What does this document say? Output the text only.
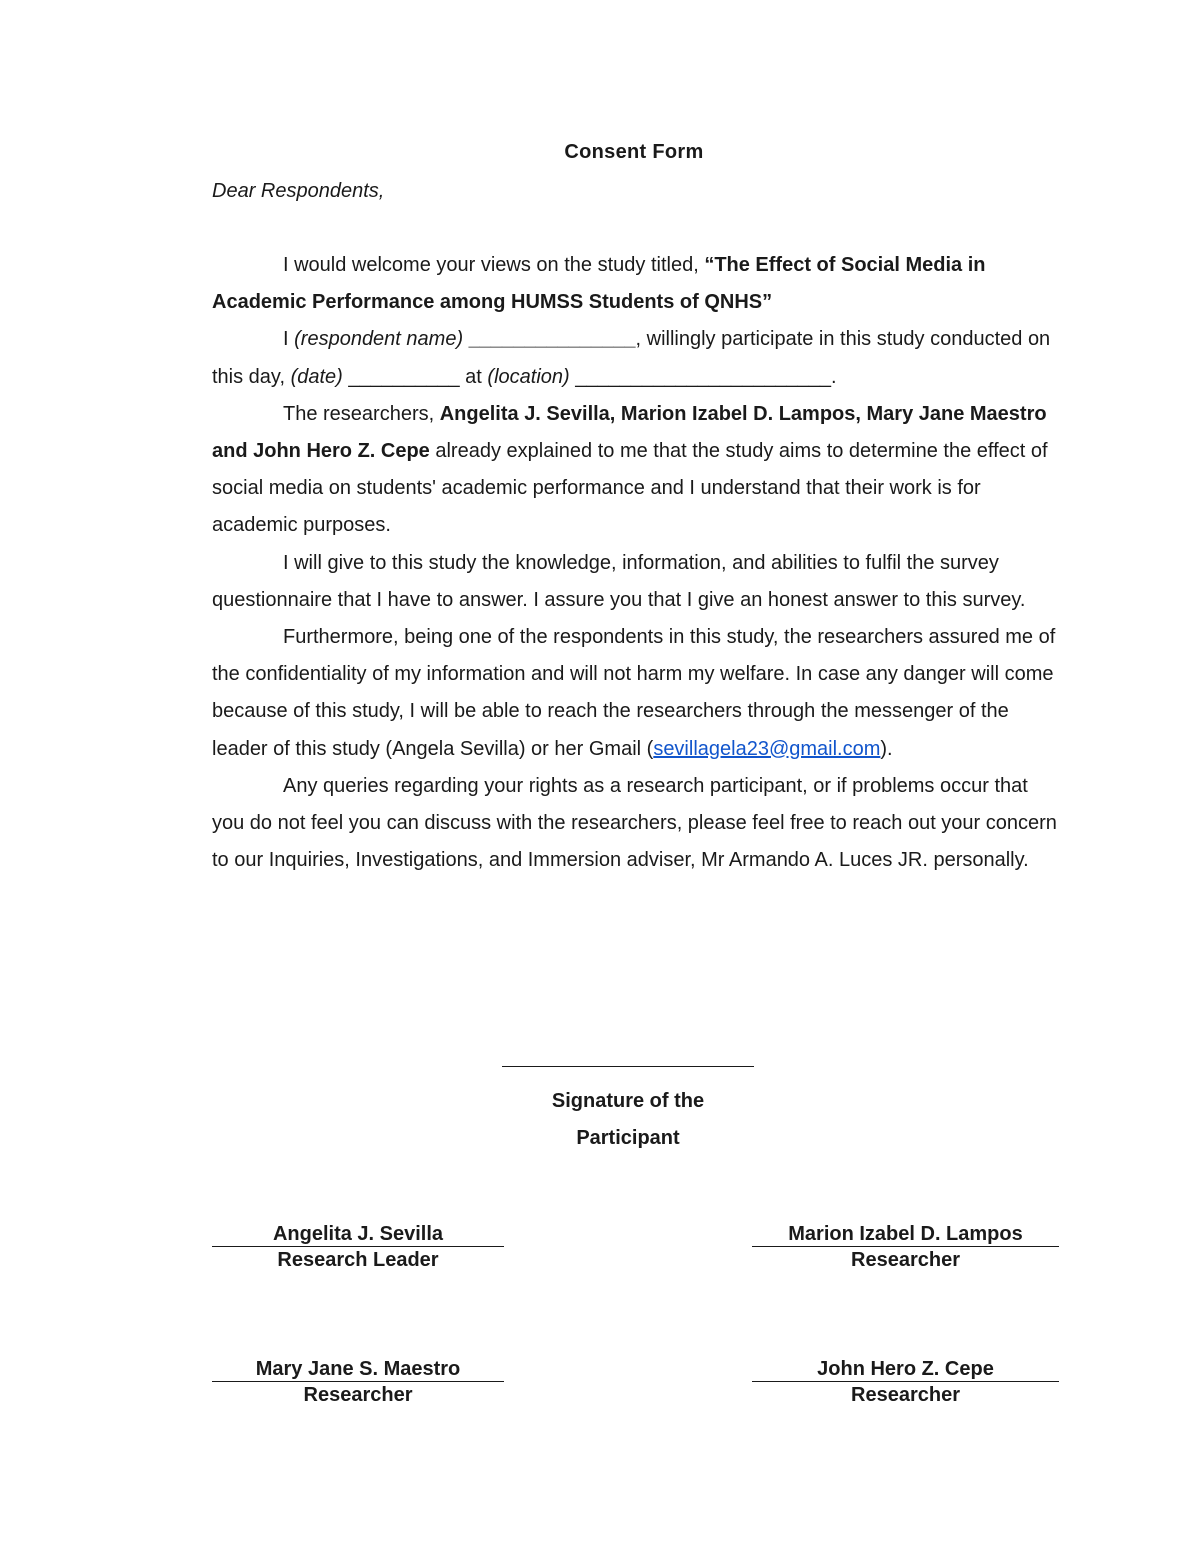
Consent Form
Dear Respondents,

I would welcome your views on the study titled, “The Effect of Social Media in Academic Performance among HUMSS Students of QNHS”

I (respondent name) _______________, willingly participate in this study conducted on this day, (date) __________ at (location) _______________________.

The researchers, Angelita J. Sevilla, Marion Izabel D. Lampos, Mary Jane Maestro and John Hero Z. Cepe already explained to me that the study aims to determine the effect of social media on students' academic performance and I understand that their work is for academic purposes.

I will give to this study the knowledge, information, and abilities to fulfil the survey questionnaire that I have to answer. I assure you that I give an honest answer to this survey.

Furthermore, being one of the respondents in this study, the researchers assured me of the confidentiality of my information and will not harm my welfare. In case any danger will come because of this study, I will be able to reach the researchers through the messenger of the leader of this study (Angela Sevilla) or her Gmail (sevillagela23@gmail.com).

Any queries regarding your rights as a research participant, or if problems occur that you do not feel you can discuss with the researchers, please feel free to reach out your concern to our Inquiries, Investigations, and Immersion adviser, Mr Armando A. Luces JR. personally.

Signature of the Participant
Angelita J. Sevilla
Research Leader
Marion Izabel D. Lampos
Researcher
Mary Jane S. Maestro
Researcher
John Hero Z. Cepe
Researcher
